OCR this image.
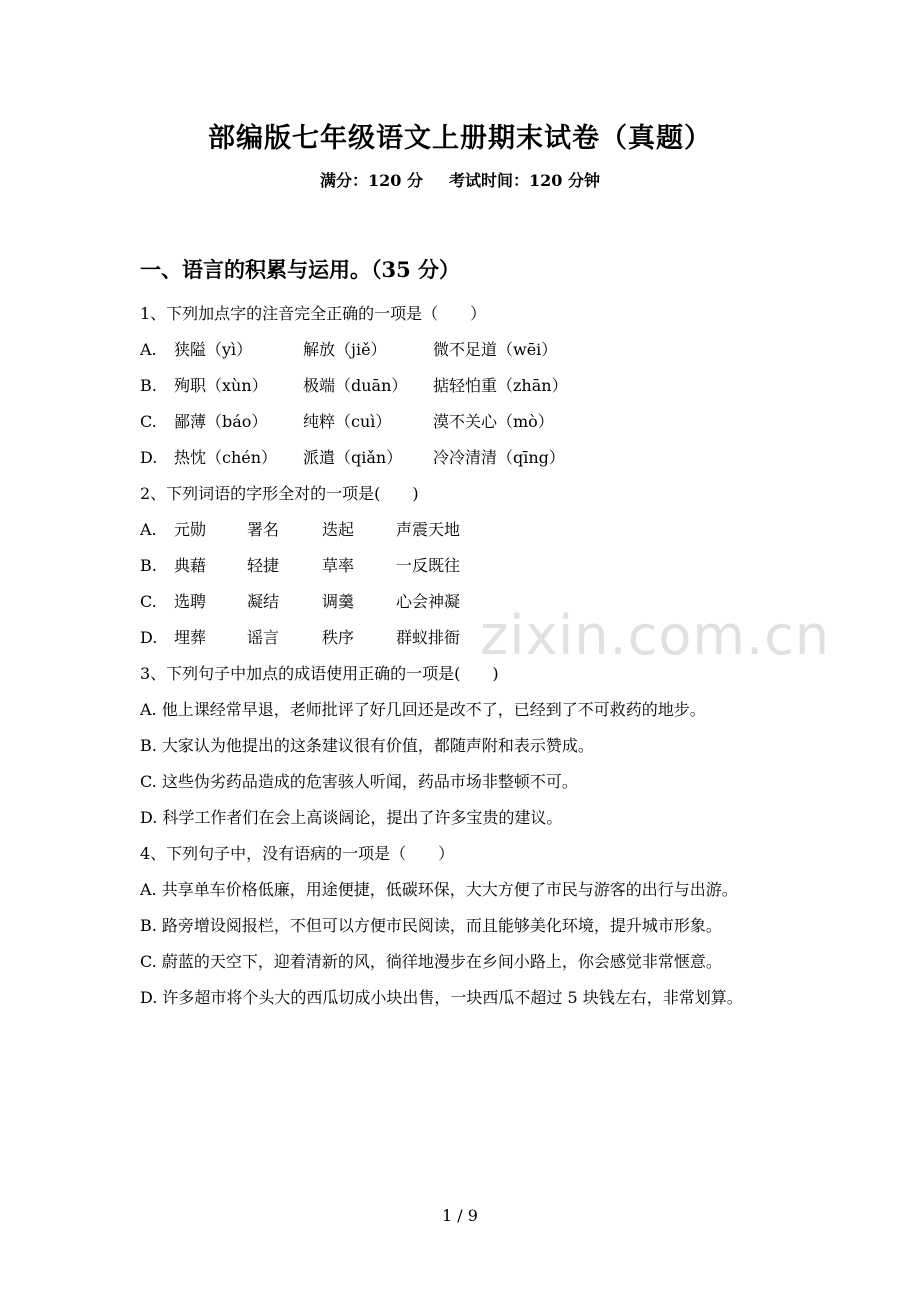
部编版七年级语文上册期末试卷（真题）
满分：120 分 考试时间：120 分钟
一、语言的积累与运用。（35 分）
1、下列加点字的注音完全正确的一项是（　　）
A. 狭隘（yì）	解放（jiě）	微不足道（wēi）
B. 殉职（xùn） 极端（duān） 掂轻怕重（zhān）
C. 鄙薄（báo） 纯粹（cuì）	漠不关心（mò）
D. 热忱（chén） 派遣（qiǎn） 冷冷清清（qīng）
2、下列词语的字形全对的一项是(　　)
A. 元勋	署名	迭起	声震天地
B. 典藉	轻捷	草率	一反既往
C. 选聘	凝结	调羹	心会神凝
D. 埋葬	谣言	秩序	群蚁排衙
3、下列句子中加点的成语使用正确的一项是(　　)
A. 他上课经常早退，老师批评了好几回还是改不了，已经到了不可救药的地步。
B. 大家认为他提出的这条建议很有价值，都随声附和表示赞成。
C. 这些伪劣药品造成的危害骇人听闻，药品市场非整顿不可。
D. 科学工作者们在会上高谈阔论，提出了许多宝贵的建议。
4、下列句子中，没有语病的一项是（　　）
A. 共享单车价格低廉，用途便捷，低碳环保，大大方便了市民与游客的出行与出游。
B. 路旁增设阅报栏，不但可以方便市民阅读，而且能够美化环境，提升城市形象。
C. 蔚蓝的天空下，迎着清新的风，徜徉地漫步在乡间小路上，你会感觉非常惬意。
D. 许多超市将个头大的西瓜切成小块出售，一块西瓜不超过 5 块钱左右，非常划算。
zixin.com.cn
1 / 9
